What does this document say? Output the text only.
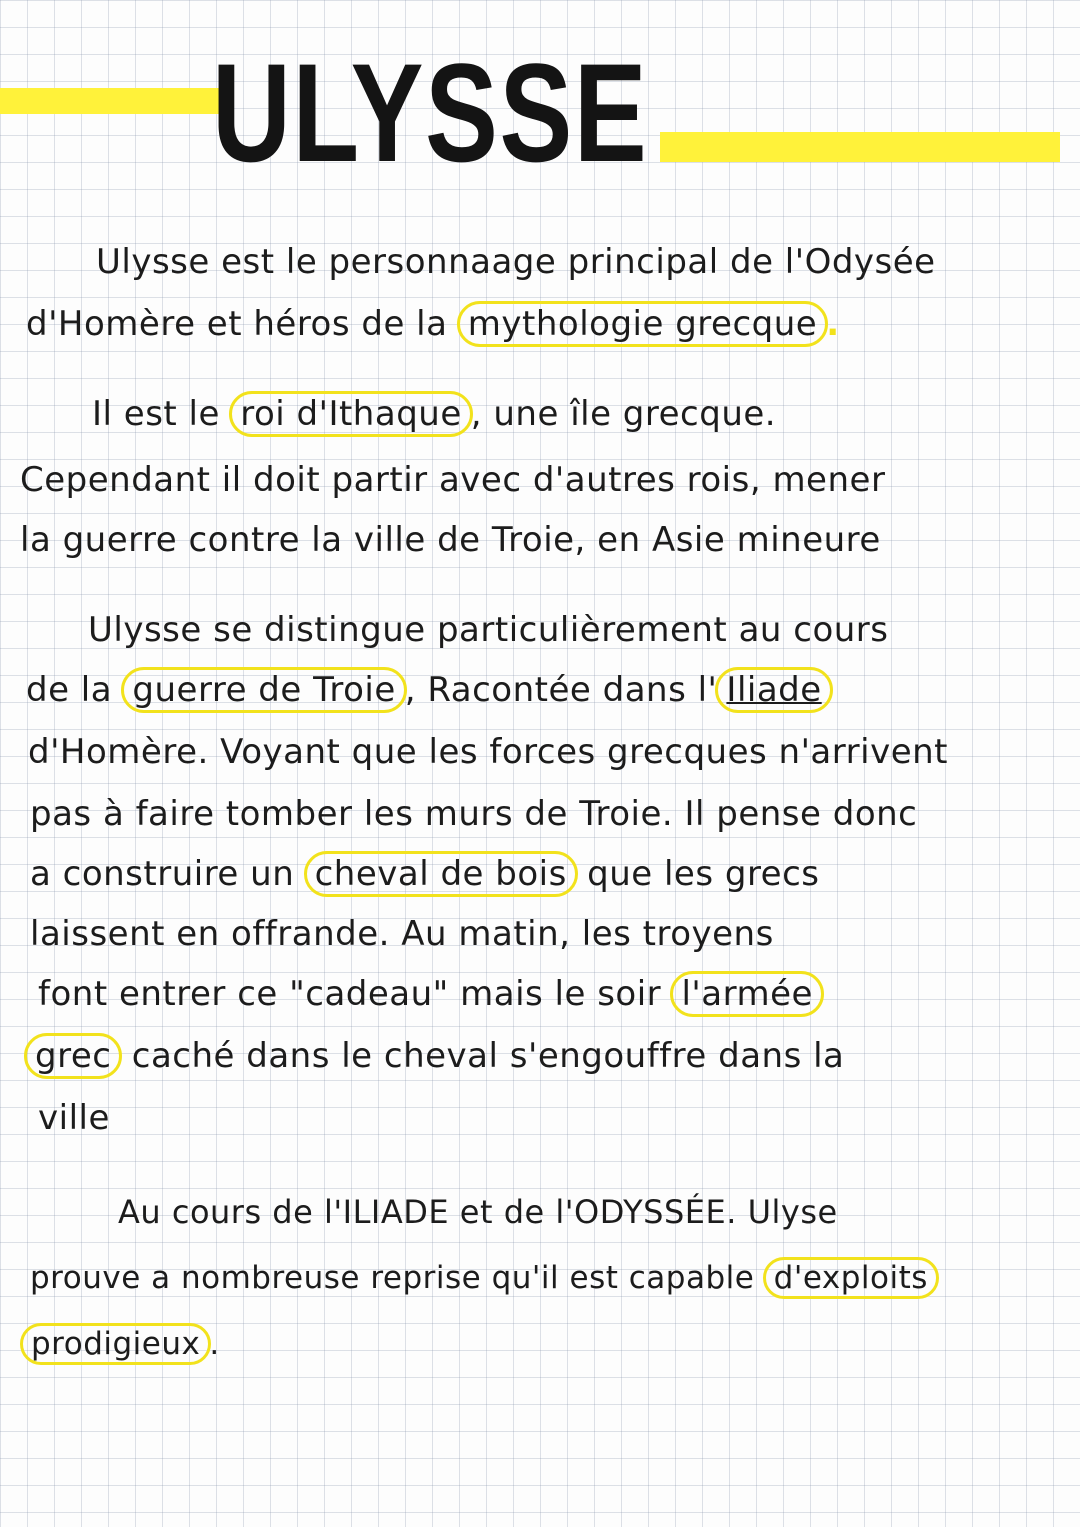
ULYSSE
Ulysse est le personnaage principal de l'Odysée
d'Homère et héros de la mythologie grecque .
Il est le roi d'Ithaque , une île grecque.
Cependant il doit partir avec d'autres rois, mener
la guerre contre la ville de Troie, en Asie mineure
Ulysse se distingue particulièrement au cours
de la guerre de Troie , Racontée dans l' Iliade
d'Homère. Voyant que les forces grecques n'arrivent
pas à faire tomber les murs de Troie. Il pense donc
a construire un cheval de bois que les grecs
laissent en offrande. Au matin, les troyens
font entrer ce "cadeau" mais le soir l'armée
grec caché dans le cheval s'engouffre dans la
ville
Au cours de l'ILIADE et de l'ODYSSÉE. Ulyse
prouve a nombreuse reprise qu'il est capable d'exploits
prodigieux .
